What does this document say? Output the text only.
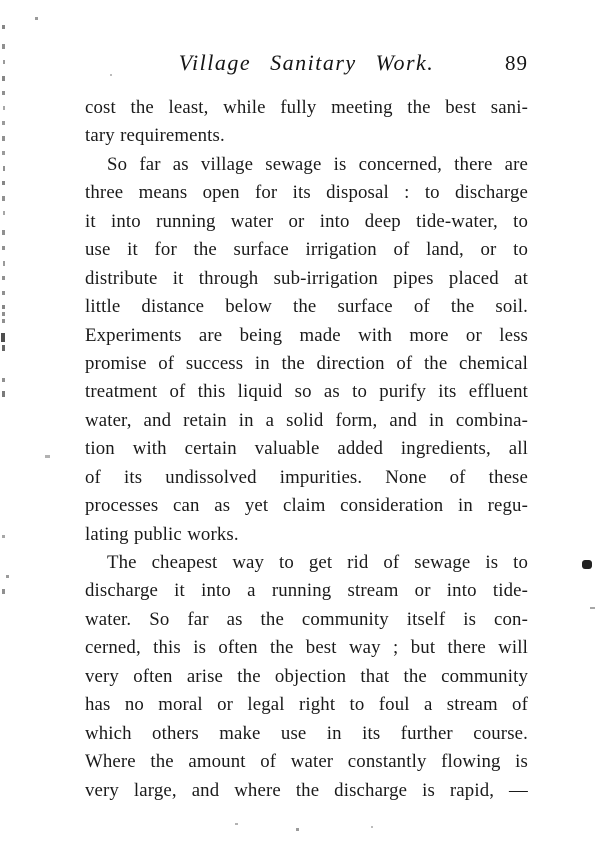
Village Sanitary Work.	89
cost the least, while fully meeting the best sani-
tary requirements.
So far as village sewage is concerned, there are
three means open for its disposal : to discharge
it into running water or into deep tide-water, to
use it for the surface irrigation of land, or to
distribute it through sub-irrigation pipes placed at
little distance below the surface of the soil.
Experiments are being made with more or less
promise of success in the direction of the chemical
treatment of this liquid so as to purify its effluent
water, and retain in a solid form, and in combina-
tion with certain valuable added ingredients, all
of its undissolved impurities. None of these
processes can as yet claim consideration in regu-
lating public works.
The cheapest way to get rid of sewage is to
discharge it into a running stream or into tide-
water. So far as the community itself is con-
cerned, this is often the best way ; but there will
very often arise the objection that the community
has no moral or legal right to foul a stream of
which others make use in its further course.
Where the amount of water constantly flowing is
very large, and where the discharge is rapid, —
